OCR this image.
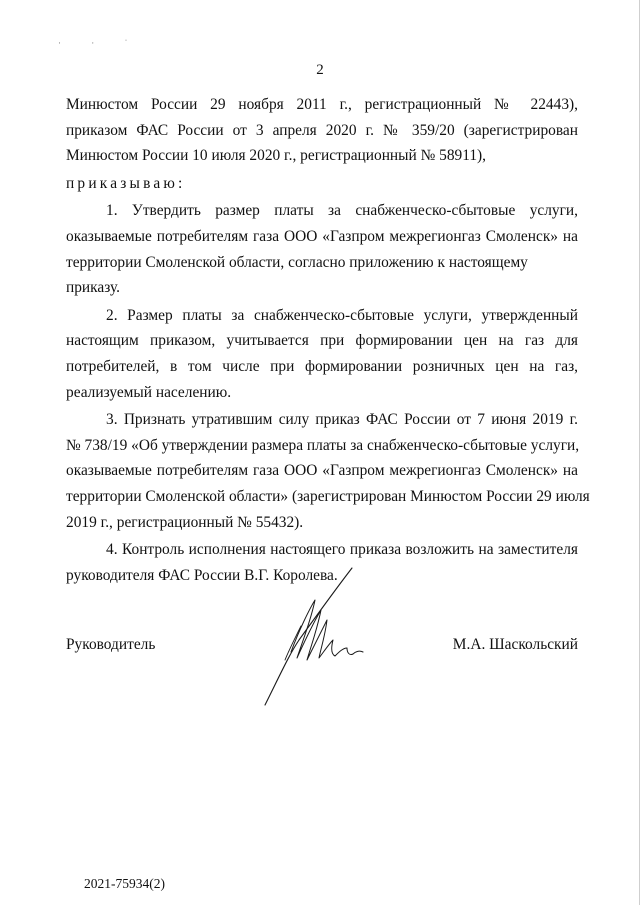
· · ˈ
2

Минюстом России 29 ноября 2011 г., регистрационный № 22443),
приказом ФАС России от 3 апреля 2020 г. № 359/20 (зарегистрирован
Минюстом России 10 июля 2020 г., регистрационный № 58911),

приказываю:

1. Утвердить размер платы за снабженческо-сбытовые услуги,
оказываемые потребителям газа ООО «Газпром межрегионгаз Смоленск» на
территории Смоленской области, согласно приложению к настоящему приказу.

2. Размер платы за снабженческо-сбытовые услуги, утвержденный
настоящим приказом, учитывается при формировании цен на газ для
потребителей, в том числе при формировании розничных цен на газ,
реализуемый населению.

3. Признать утратившим силу приказ ФАС России от 7 июня 2019 г.
№ 738/19 «Об утверждении размера платы за снабженческо-сбытовые услуги,
оказываемые потребителям газа ООО «Газпром межрегионгаз Смоленск» на
территории Смоленской области» (зарегистрирован Минюстом России 29 июля
2019 г., регистрационный № 55432).

4. Контроль исполнения настоящего приказа возложить на заместителя
руководителя ФАС России В.Г. Королева.

Руководитель	М.А. Шаскольский
2021-75934(2)
